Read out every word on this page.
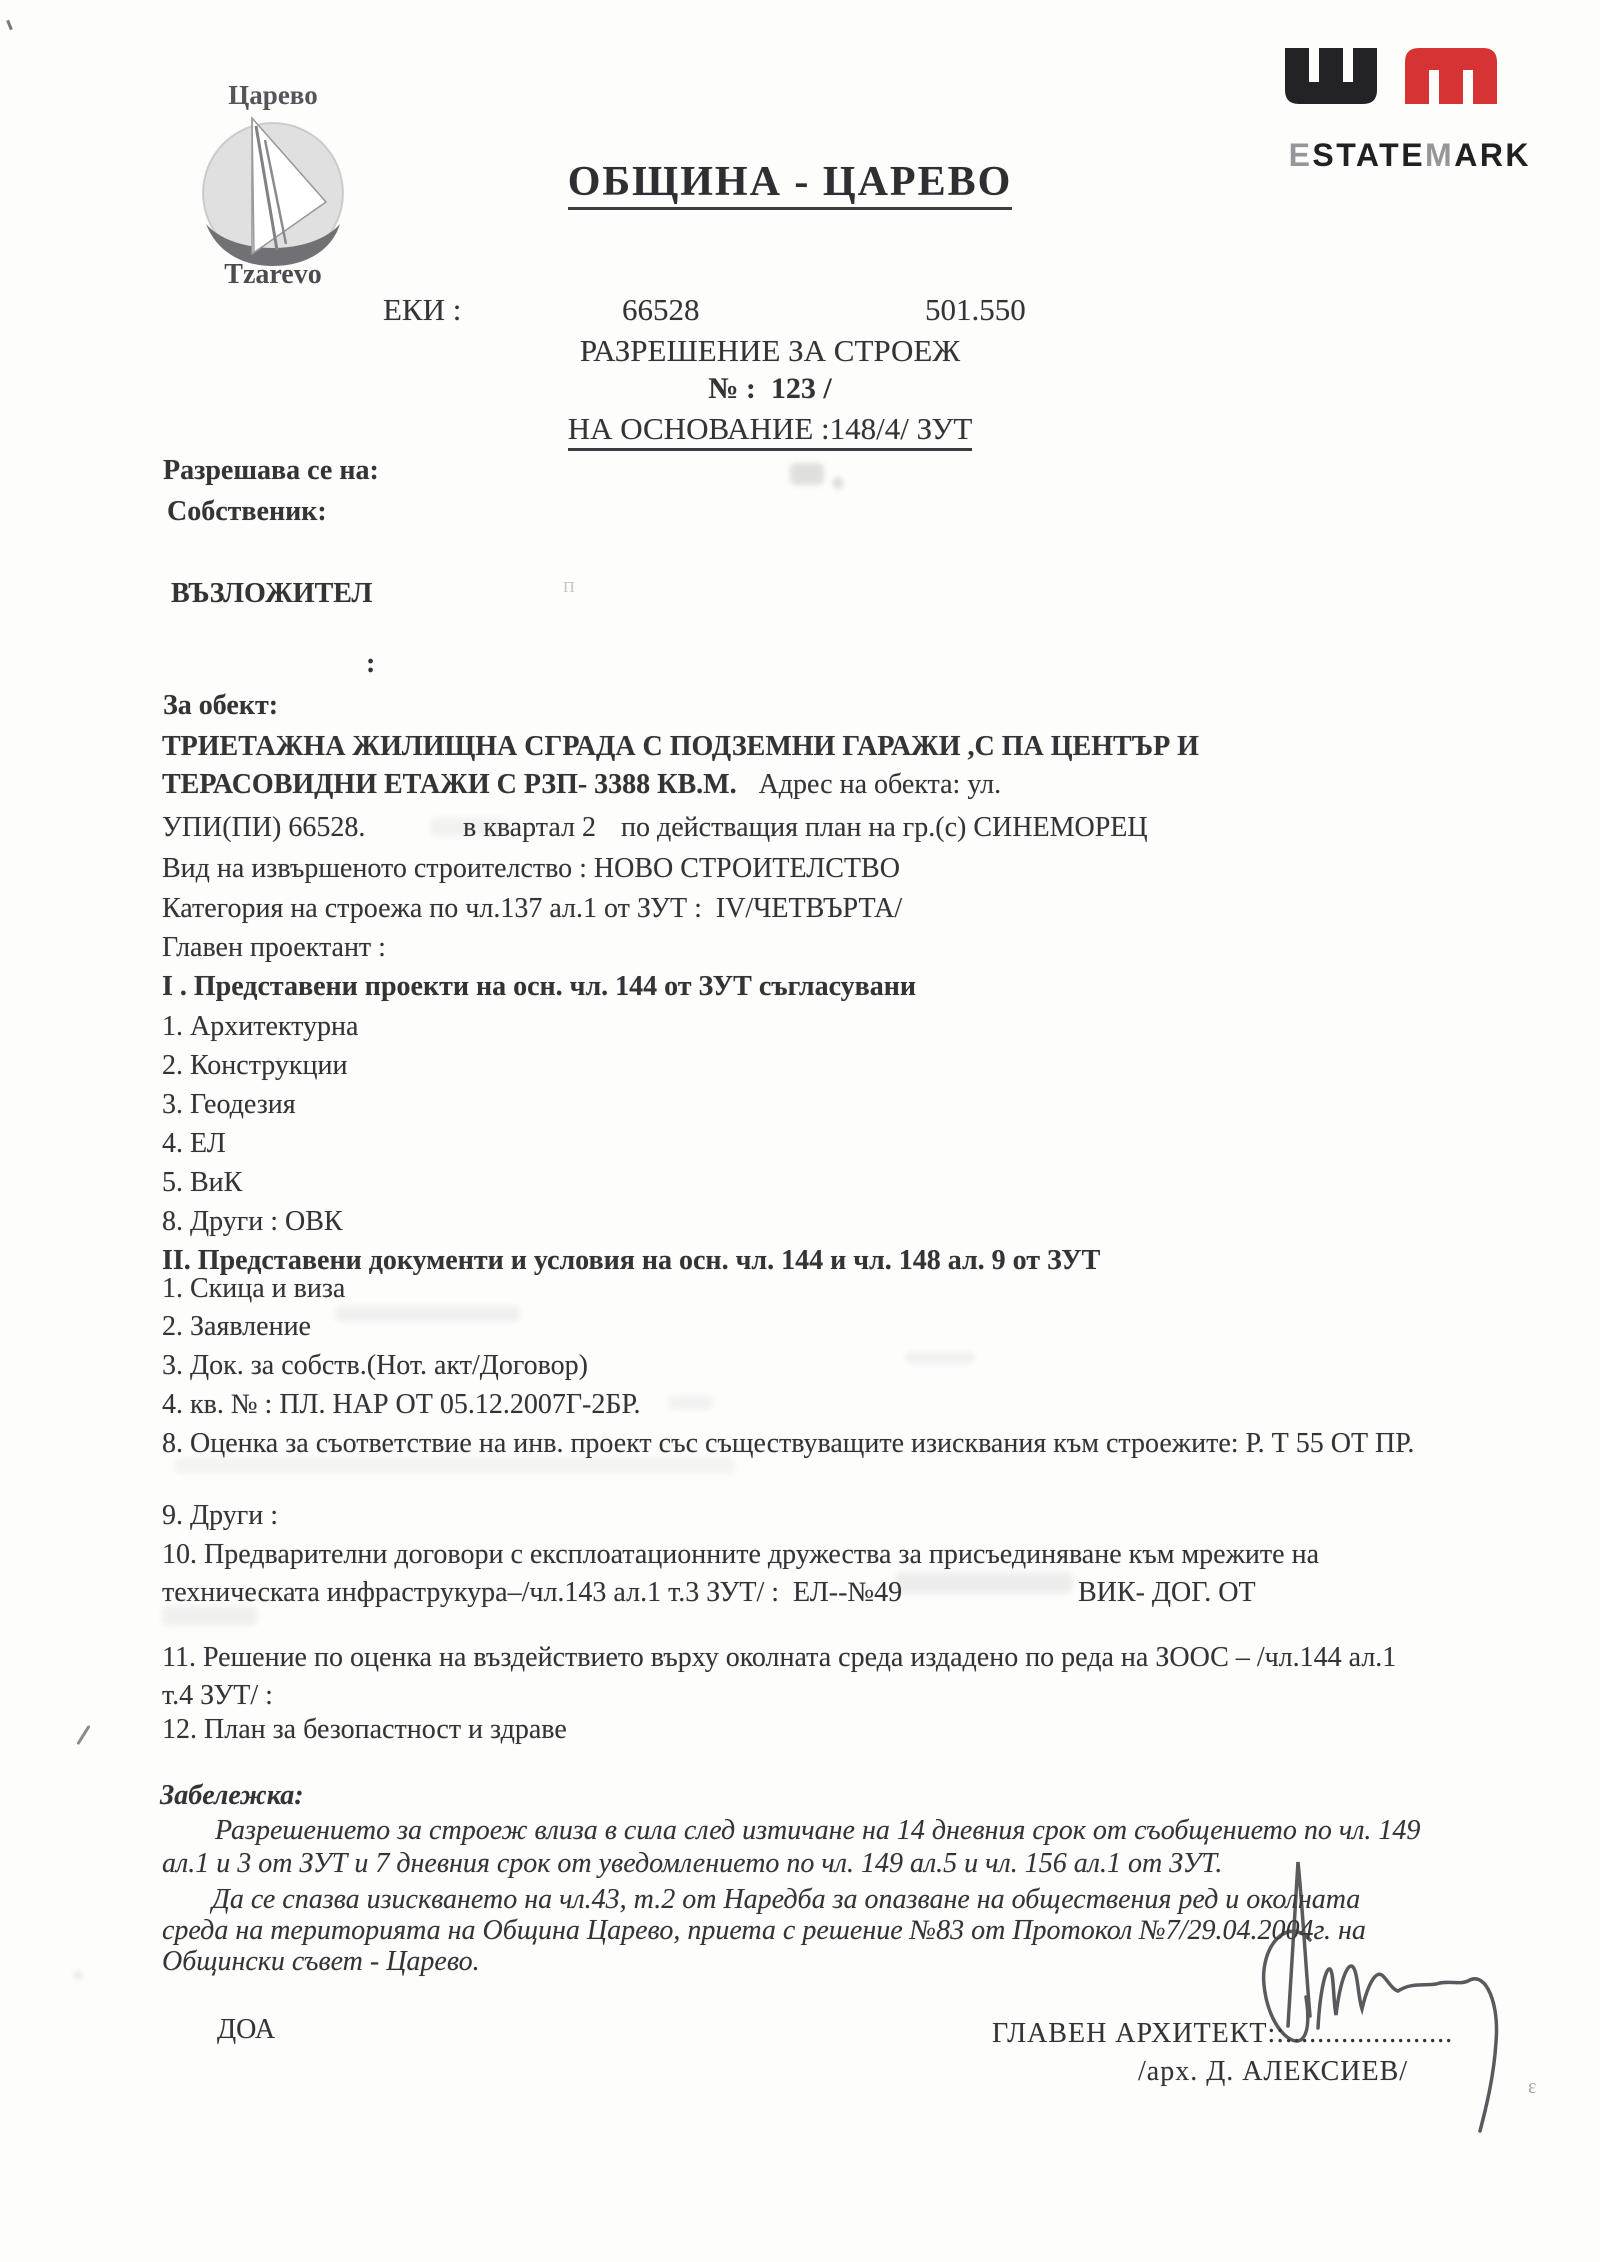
Царево
Tzarevo

ESTATEMARK

ОБЩИНА - ЦАРЕВО
ЕКИ :	66528	501.550
РАЗРЕШЕНИЕ ЗА СТРОЕЖ
№ :  123 /
НА ОСНОВАНИЕ :148/4/ ЗУТ
Разрешава се на:
Собственик:
ВЪЗЛОЖИТЕЛ
:
За обект:
ТРИЕТАЖНА ЖИЛИЩНА СГРАДА С ПОДЗЕМНИ ГАРАЖИ ,С ПА ЦЕНТЪР И
ТЕРАСОВИДНИ ЕТАЖИ С РЗП- 3388 КВ.М. Адрес на обекта: ул.
УПИ(ПИ) 66528.	в квартал 2 по действащия план на гр.(с) СИНЕМОРЕЦ
Вид на извършеното строителство : НОВО СТРОИТЕЛСТВО
Категория на строежа по чл.137 ал.1 от ЗУТ :  IV/ЧЕТВЪРТА/
Главен проектант :
I . Представени проекти на осн. чл. 144 от ЗУТ съгласувани
1. Архитектурна
2. Конструкции
3. Геодезия
4. ЕЛ
5. ВиК
8. Други : ОВК
II. Представени документи и условия на осн. чл. 144 и чл. 148 ал. 9 от ЗУТ
1. Скица и виза
2. Заявление
3. Док. за собств.(Нот. акт/Договор)
4. кв. № : ПЛ. НАР ОТ 05.12.2007Г-2БР.
8. Оценка за съответствие на инв. проект със съществуващите изисквания към строежите: Р. Т 55 ОТ ПР.
9. Други :
10. Предварителни договори с експлоатационните дружества за присъединяване към мрежите на
техническата инфраструкура–/чл.143 ал.1 т.3 ЗУТ/ :  ЕЛ--№49	ВИК- ДОГ. ОТ
11. Решение по оценка на въздействието върху околната среда издадено по реда на ЗООС – /чл.144 ал.1
т.4 ЗУТ/ :
12. План за безопастност и здраве
Забележка:
Разрешението за строеж влиза в сила след изтичане на 14 дневния срок от съобщението по чл. 149
ал.1 и 3 от ЗУТ и 7 дневния срок от уведомлението по чл. 149 ал.5 и чл. 156 ал.1 от ЗУТ.
Да се спазва изискването на чл.43, т.2 от Наредба за опазване на обществения ред и околната
среда на територията на Община Царево, приета с решение №83 от Протокол №7/29.04.2004г. на
Общински съвет - Царево.
ДОА	ГЛАВЕН АРХИТЕКТ::.....................
/арх. Д. АЛЕКСИЕВ/
п
ε
